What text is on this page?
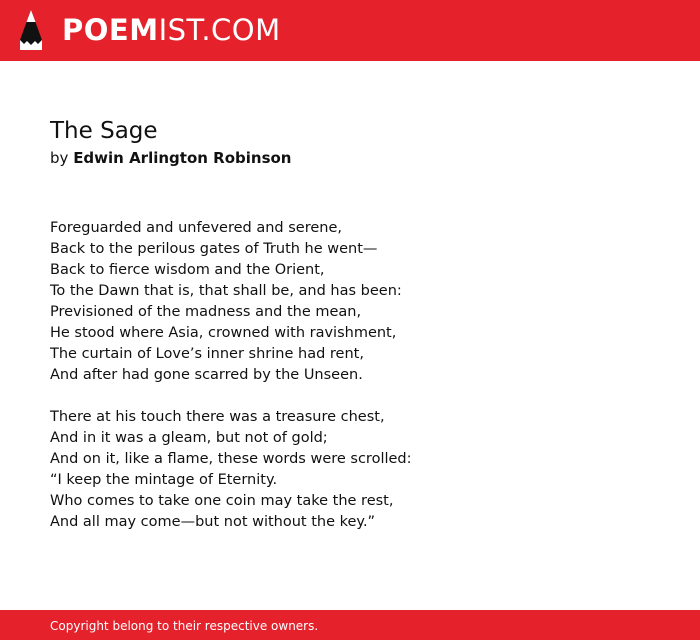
POEMIST.COM
The Sage
by Edwin Arlington Robinson
Foreguarded and unfevered and serene,
Back to the perilous gates of Truth he went—
Back to fierce wisdom and the Orient,
To the Dawn that is, that shall be, and has been:
Previsioned of the madness and the mean,
He stood where Asia, crowned with ravishment,
The curtain of Love’s inner shrine had rent,
And after had gone scarred by the Unseen.
There at his touch there was a treasure chest,
And in it was a gleam, but not of gold;
And on it, like a flame, these words were scrolled:
“I keep the mintage of Eternity.
Who comes to take one coin may take the rest,
And all may come—but not without the key.”
Copyright belong to their respective owners.
